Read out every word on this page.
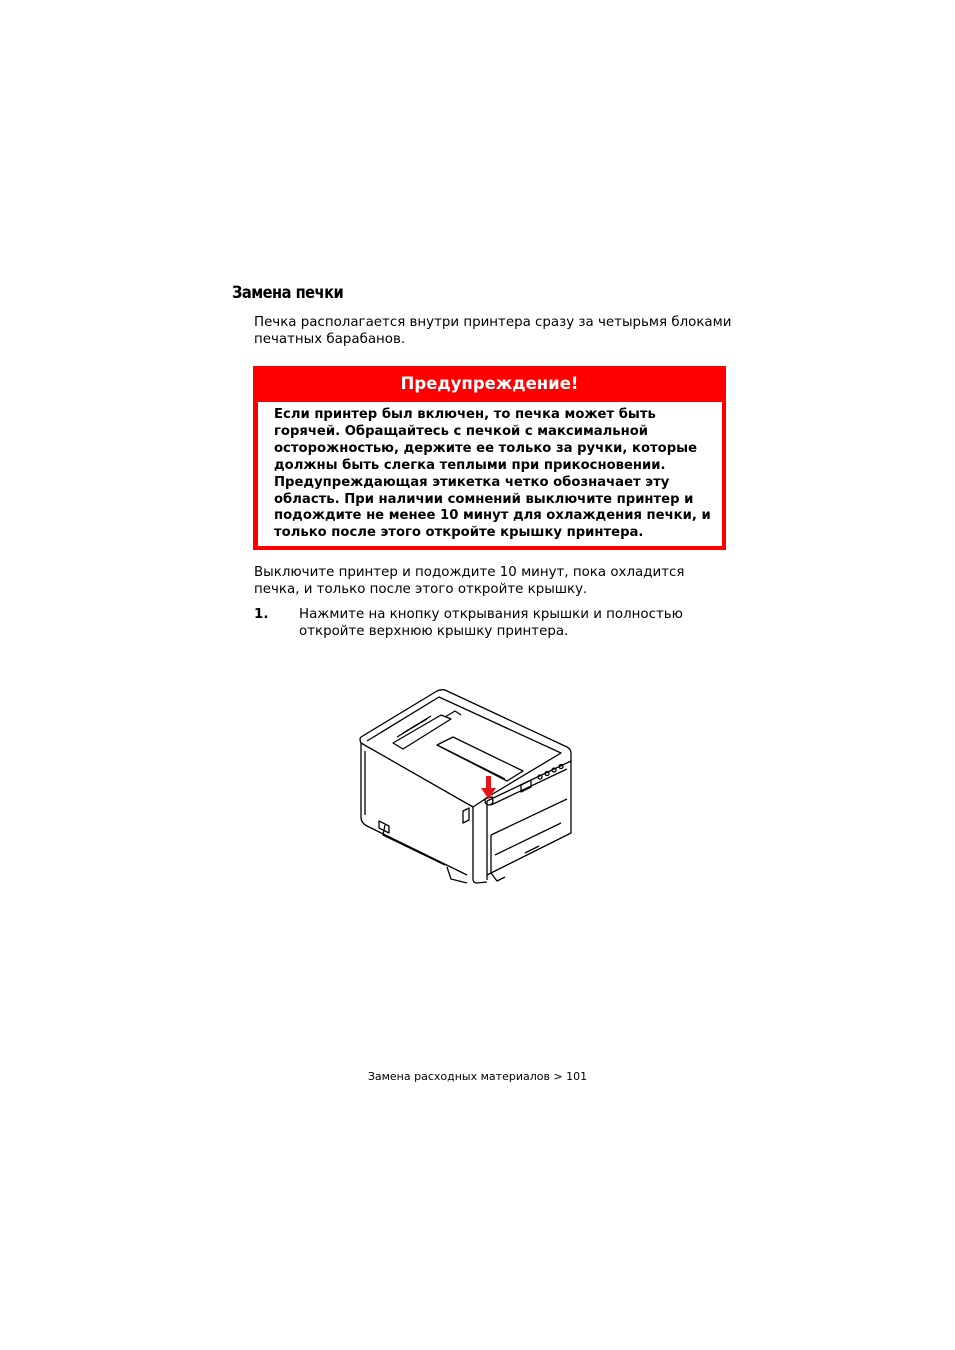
Замена печки

Печка располагается внутри принтера сразу за четырьмя блоками печатных барабанов.

Предупреждение!
Если принтер был включен, то печка может быть горячей. Обращайтесь с печкой с максимальной осторожностью, держите ее только за ручки, которые должны быть слегка теплыми при прикосновении. Предупреждающая этикетка четко обозначает эту область. При наличии сомнений выключите принтер и подождите не менее 10 минут для охлаждения печки, и только после этого откройте крышку принтера.

Выключите принтер и подождите 10 минут, пока охладится печка, и только после этого откройте крышку.

1. Нажмите на кнопку открывания крышки и полностью откройте верхнюю крышку принтера.
Замена расходных материалов > 101
